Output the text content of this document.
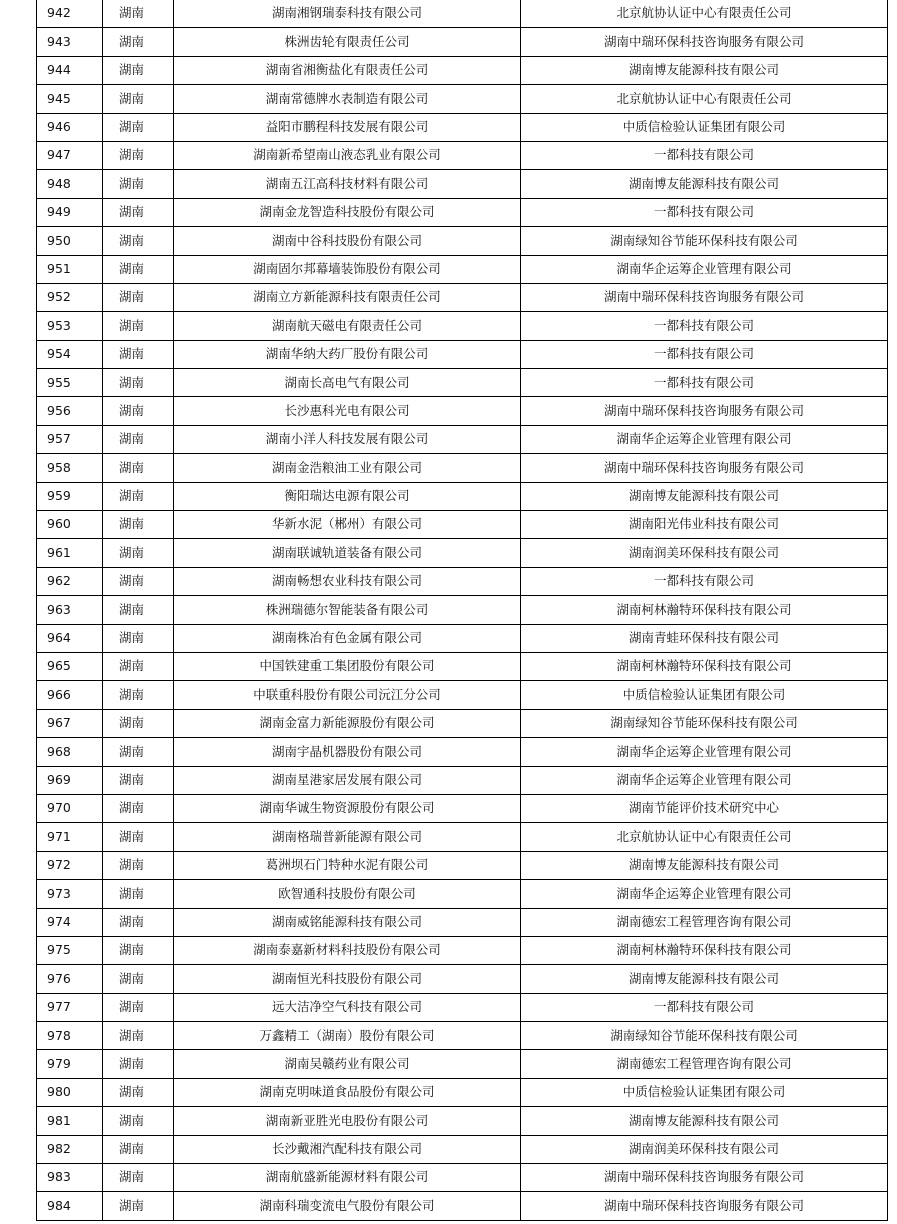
942	湖南	湖南湘钢瑞泰科技有限公司	北京航协认证中心有限责任公司
943	湖南	株洲齿轮有限责任公司	湖南中瑞环保科技咨询服务有限公司
944	湖南	湖南省湘衡盐化有限责任公司	湖南博友能源科技有限公司
945	湖南	湖南常德牌水表制造有限公司	北京航协认证中心有限责任公司
946	湖南	益阳市鹏程科技发展有限公司	中质信检验认证集团有限公司
947	湖南	湖南新希望南山液态乳业有限公司	一都科技有限公司
948	湖南	湖南五江高科技材料有限公司	湖南博友能源科技有限公司
949	湖南	湖南金龙智造科技股份有限公司	一都科技有限公司
950	湖南	湖南中谷科技股份有限公司	湖南绿知谷节能环保科技有限公司
951	湖南	湖南固尔邦幕墙装饰股份有限公司	湖南华企运筹企业管理有限公司
952	湖南	湖南立方新能源科技有限责任公司	湖南中瑞环保科技咨询服务有限公司
953	湖南	湖南航天磁电有限责任公司	一都科技有限公司
954	湖南	湖南华纳大药厂股份有限公司	一都科技有限公司
955	湖南	湖南长高电气有限公司	一都科技有限公司
956	湖南	长沙惠科光电有限公司	湖南中瑞环保科技咨询服务有限公司
957	湖南	湖南小洋人科技发展有限公司	湖南华企运筹企业管理有限公司
958	湖南	湖南金浩粮油工业有限公司	湖南中瑞环保科技咨询服务有限公司
959	湖南	衡阳瑞达电源有限公司	湖南博友能源科技有限公司
960	湖南	华新水泥（郴州）有限公司	湖南阳光伟业科技有限公司
961	湖南	湖南联诚轨道装备有限公司	湖南润美环保科技有限公司
962	湖南	湖南畅想农业科技有限公司	一都科技有限公司
963	湖南	株洲瑞德尔智能装备有限公司	湖南柯林瀚特环保科技有限公司
964	湖南	湖南株冶有色金属有限公司	湖南青蛙环保科技有限公司
965	湖南	中国铁建重工集团股份有限公司	湖南柯林瀚特环保科技有限公司
966	湖南	中联重科股份有限公司沅江分公司	中质信检验认证集团有限公司
967	湖南	湖南金富力新能源股份有限公司	湖南绿知谷节能环保科技有限公司
968	湖南	湖南宇晶机器股份有限公司	湖南华企运筹企业管理有限公司
969	湖南	湖南星港家居发展有限公司	湖南华企运筹企业管理有限公司
970	湖南	湖南华诚生物资源股份有限公司	湖南节能评价技术研究中心
971	湖南	湖南格瑞普新能源有限公司	北京航协认证中心有限责任公司
972	湖南	葛洲坝石门特种水泥有限公司	湖南博友能源科技有限公司
973	湖南	欧智通科技股份有限公司	湖南华企运筹企业管理有限公司
974	湖南	湖南威铭能源科技有限公司	湖南德宏工程管理咨询有限公司
975	湖南	湖南泰嘉新材料科技股份有限公司	湖南柯林瀚特环保科技有限公司
976	湖南	湖南恒光科技股份有限公司	湖南博友能源科技有限公司
977	湖南	远大洁净空气科技有限公司	一都科技有限公司
978	湖南	万鑫精工（湖南）股份有限公司	湖南绿知谷节能环保科技有限公司
979	湖南	湖南吴赣药业有限公司	湖南德宏工程管理咨询有限公司
980	湖南	湖南克明味道食品股份有限公司	中质信检验认证集团有限公司
981	湖南	湖南新亚胜光电股份有限公司	湖南博友能源科技有限公司
982	湖南	长沙戴湘汽配科技有限公司	湖南润美环保科技有限公司
983	湖南	湖南航盛新能源材料有限公司	湖南中瑞环保科技咨询服务有限公司
984	湖南	湖南科瑞变流电气股份有限公司	湖南中瑞环保科技咨询服务有限公司
